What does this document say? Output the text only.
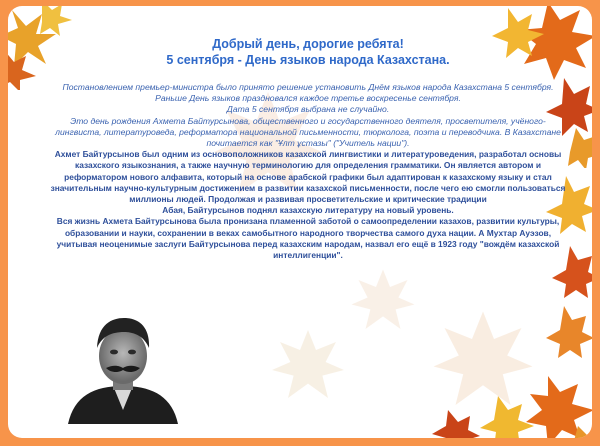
Добрый день, дорогие ребята!
5 сентября - День языков народа Казахстана.

Постановлением премьер-министра было принято решение установить Днём языков народа Казахстана 5 сентября. Раньше День языков праздновался каждое третье воскресенье сентября.

Дата 5 сентября выбрана не случайно.

Это день рождения Ахмета Байтурсынова, общественного и государственного деятеля, просветителя, учёного-лингвиста, литературоведа, реформатора национальной письменности, тюрколога, поэта и переводчика. В Казахстане почитается как "Ұлт ұстазы" ("Учитель нации").

Ахмет Байтурсынов был одним из основоположников казахской лингвистики и литературоведения, разработал основы казахского языкознания, а также научную терминологию для определения грамматики. Он является автором и реформатором нового алфавита, который на основе арабской графики был адаптирован к казахскому языку и стал значительным научно-культурным достижением в развитии казахской письменности, после чего ею смогли пользоваться миллионы людей. Продолжая и развивая просветительские и критические традиции

Абая, Байтурсынов поднял казахскую литературу на новый уровень.

Вся жизнь Ахмета Байтурсынова была пронизана пламенной заботой о самоопределении казахов, развитии культуры, образовании и науки, сохранении в веках самобытного народного творчества самого духа нации. А Мухтар Ауэзов, учитывая неоценимые заслуги Байтурсынова перед казахским народам, назвал его ещё в 1923 году "вождём казахской интеллигенции".
